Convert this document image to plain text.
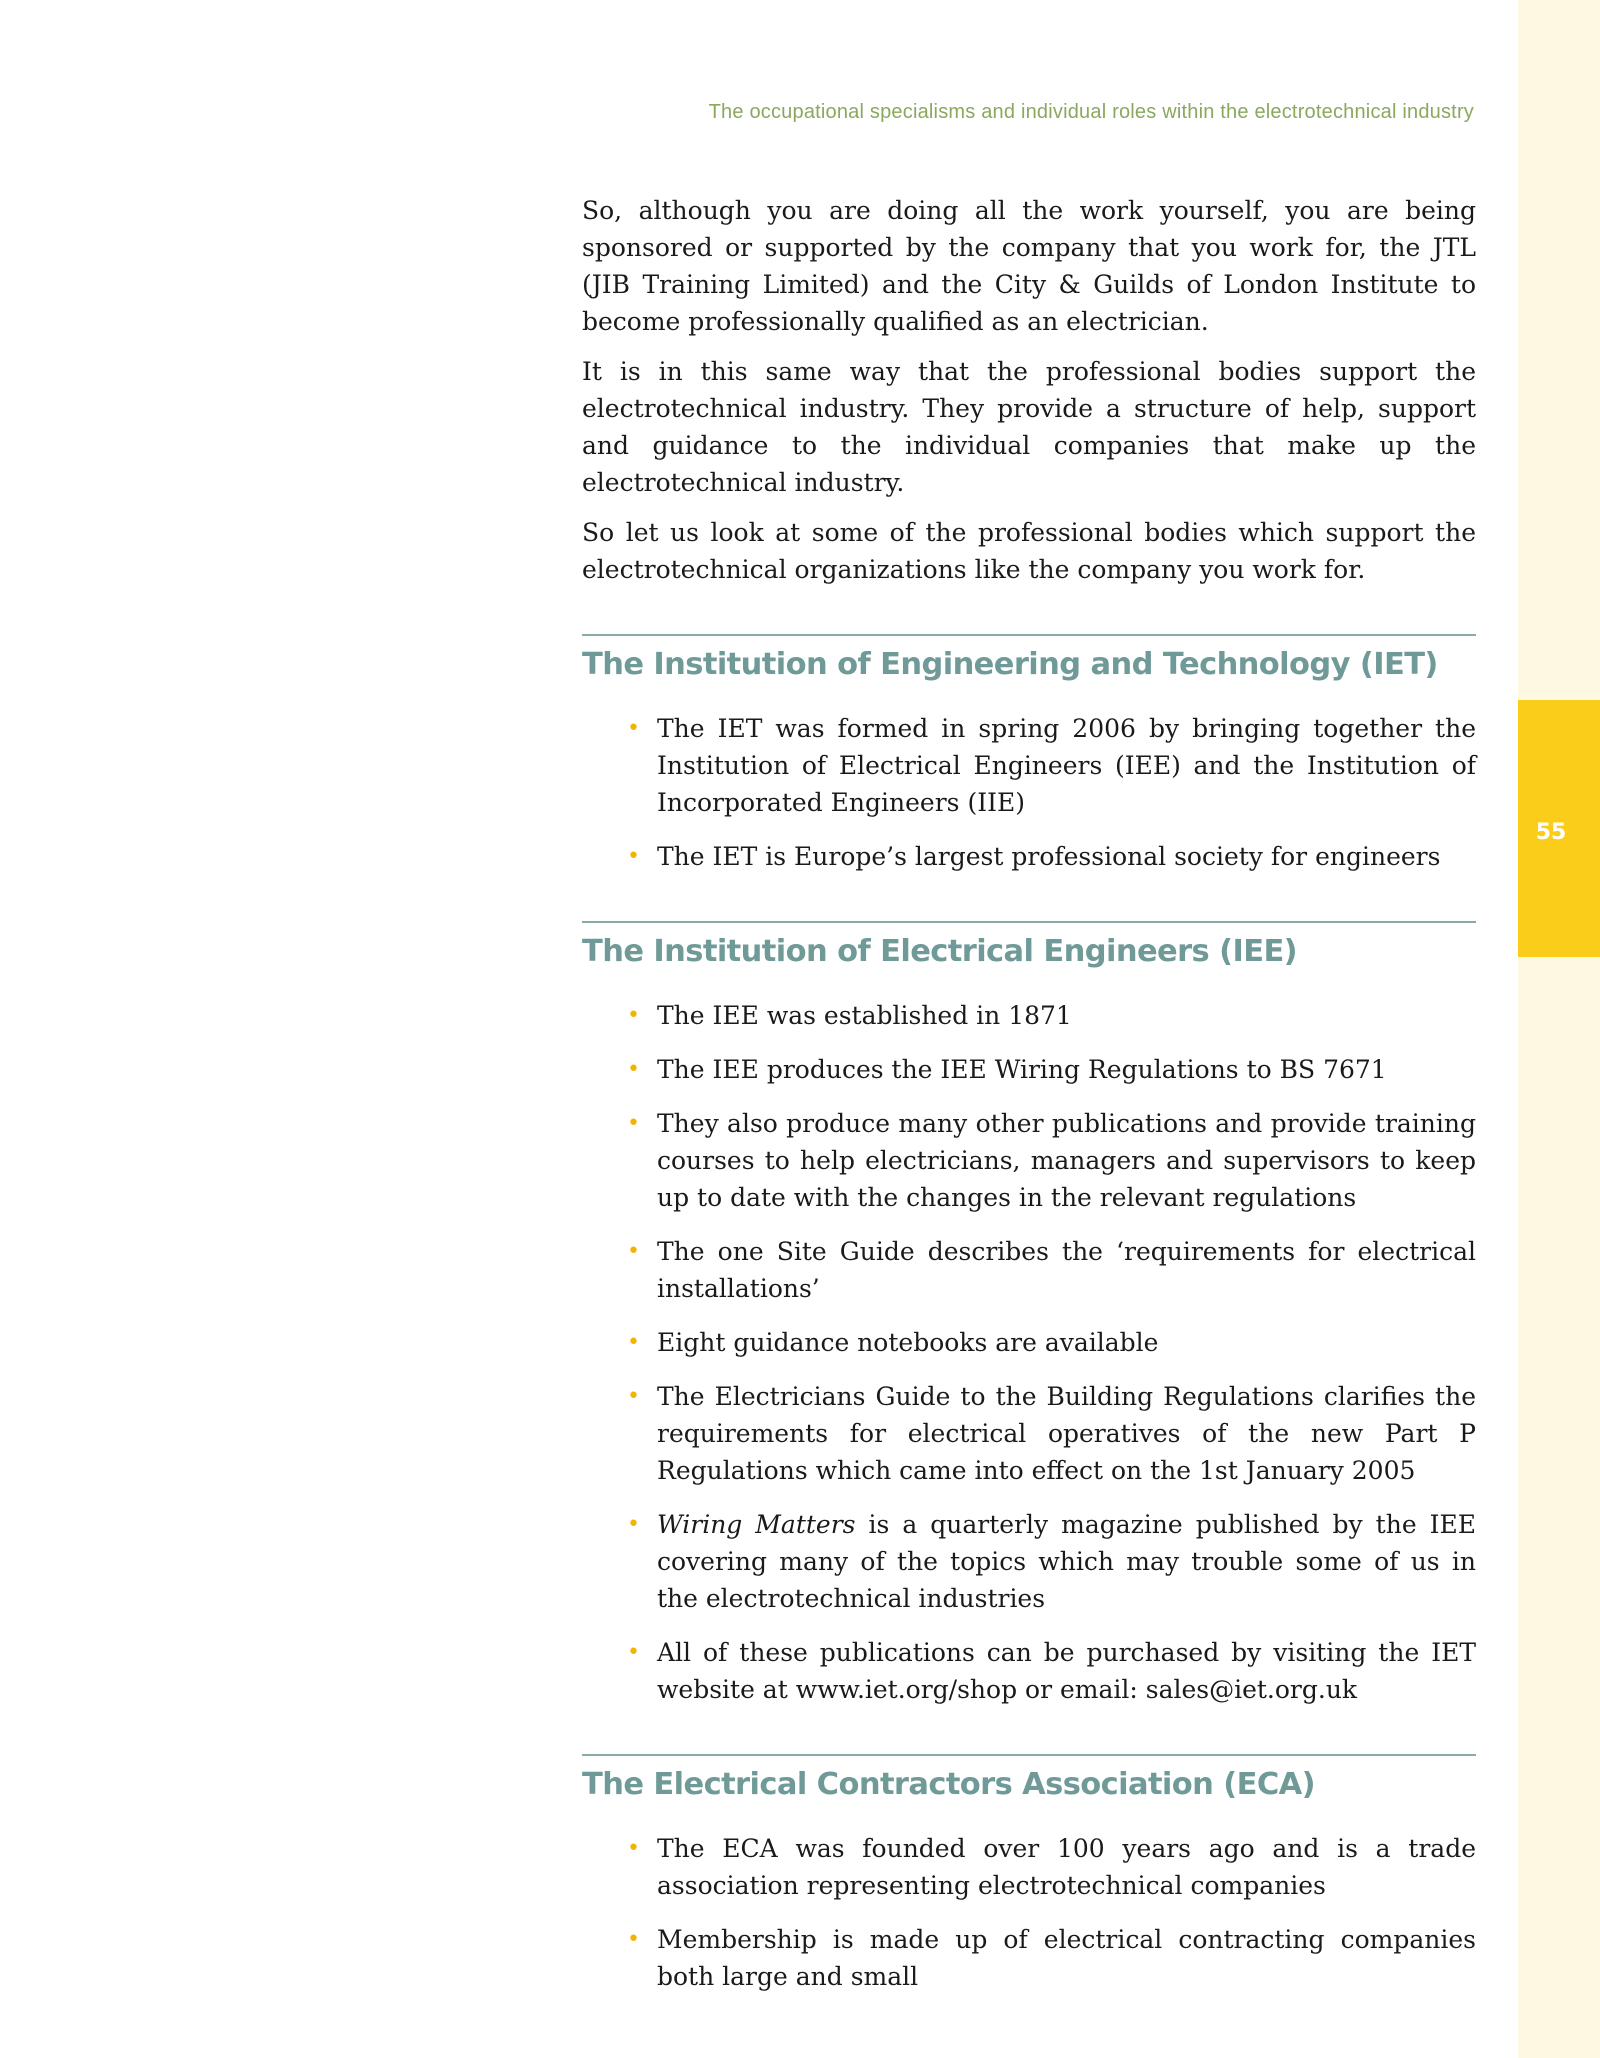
55
The occupational specialisms and individual roles within the electrotechnical industry

So, although you are doing all the work yourself, you are being sponsored or supported by the company that you work for, the JTL (JIB Training Limited) and the City & Guilds of London Institute to become professionally qualified as an electrician.

It is in this same way that the professional bodies support the electrotechnical industry. They provide a structure of help, support and guidance to the individual companies that make up the electrotechnical industry.

So let us look at some of the professional bodies which support the electrotechnical organizations like the company you work for.

The Institution of Engineering and Technology (IET)
• The IET was formed in spring 2006 by bringing together the Institution of Electrical Engineers (IEE) and the Institution of Incorporated Engineers (IIE)
• The IET is Europe’s largest professional society for engineers
The Institution of Electrical Engineers (IEE)
• The IEE was established in 1871
• The IEE produces the IEE Wiring Regulations to BS 7671
• They also produce many other publications and provide training courses to help electricians, managers and supervisors to keep up to date with the changes in the relevant regulations
• The one Site Guide describes the ‘requirements for electrical installations’
• Eight guidance notebooks are available
• The Electricians Guide to the Building Regulations clarifies the requirements for electrical operatives of the new Part P Regulations which came into effect on the 1st January 2005
• Wiring Matters is a quarterly magazine published by the IEE covering many of the topics which may trouble some of us in the electrotechnical industries
• All of these publications can be purchased by visiting the IET website at www.iet.org/shop or email: sales@iet.org.uk
The Electrical Contractors Association (ECA)
• The ECA was founded over 100 years ago and is a trade association representing electrotechnical companies
• Membership is made up of electrical contracting companies both large and small
